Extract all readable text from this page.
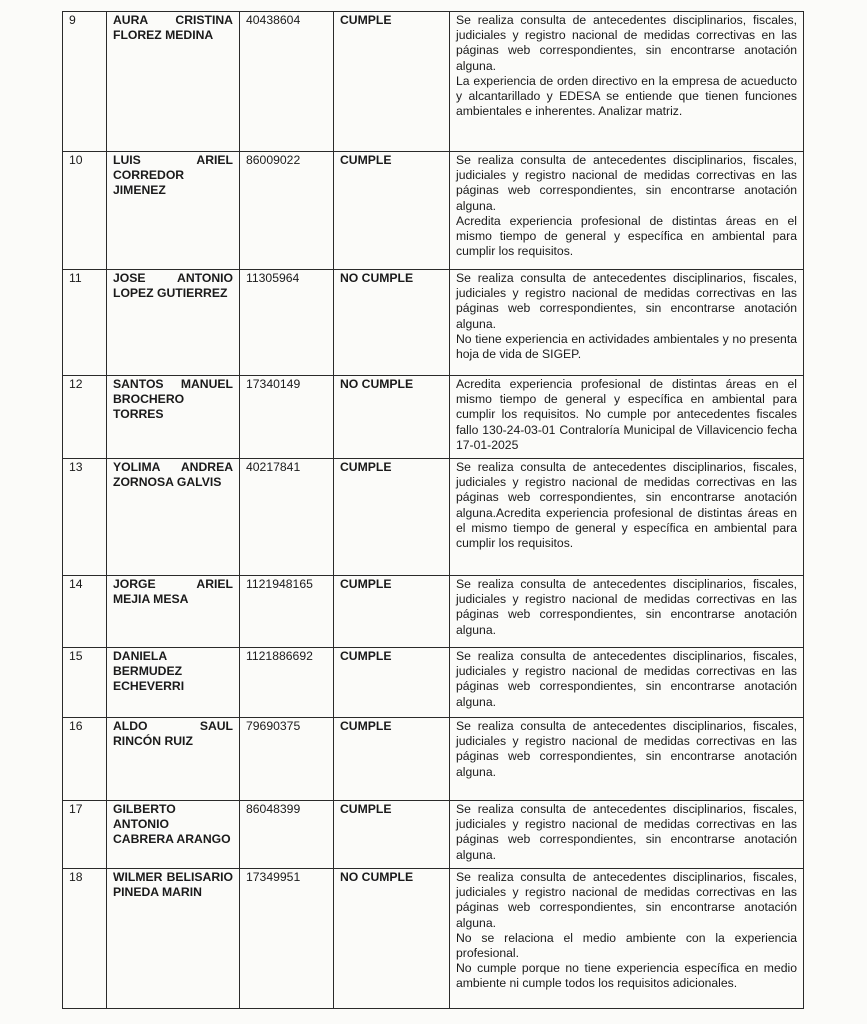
9	AURA CRISTINA FLOREZ MEDINA	40438604	CUMPLE	Se realiza consulta de antecedentes disciplinarios, fiscales, judiciales y registro nacional de medidas correctivas en las páginas web correspondientes, sin encontrarse anotación alguna.
La experiencia de orden directivo en la empresa de acueducto y alcantarillado y EDESA se entiende que tienen funciones ambientales e inherentes. Analizar matriz.

10	LUIS ARIEL CORREDOR JIMENEZ	86009022	CUMPLE	Se realiza consulta de antecedentes disciplinarios, fiscales, judiciales y registro nacional de medidas correctivas en las páginas web correspondientes, sin encontrarse anotación alguna.
Acredita experiencia profesional de distintas áreas en el mismo tiempo de general y específica en ambiental para cumplir los requisitos.

11	JOSE ANTONIO LOPEZ GUTIERREZ	11305964	NO CUMPLE	Se realiza consulta de antecedentes disciplinarios, fiscales, judiciales y registro nacional de medidas correctivas en las páginas web correspondientes, sin encontrarse anotación alguna.
No tiene experiencia en actividades ambientales y no presenta hoja de vida de SIGEP.

12	SANTOS MANUEL BROCHERO TORRES	17340149	NO CUMPLE	Acredita experiencia profesional de distintas áreas en el mismo tiempo de general y específica en ambiental para cumplir los requisitos. No cumple por antecedentes fiscales fallo 130-24-03-01 Contraloría Municipal de Villavicencio fecha 17-01-2025

13	YOLIMA ANDREA ZORNOSA GALVIS	40217841	CUMPLE	Se realiza consulta de antecedentes disciplinarios, fiscales, judiciales y registro nacional de medidas correctivas en las páginas web correspondientes, sin encontrarse anotación alguna.Acredita experiencia profesional de distintas áreas en el mismo tiempo de general y específica en ambiental para cumplir los requisitos.

14	JORGE ARIEL MEJIA MESA	1121948165	CUMPLE	Se realiza consulta de antecedentes disciplinarios, fiscales, judiciales y registro nacional de medidas correctivas en las páginas web correspondientes, sin encontrarse anotación alguna.

15	DANIELA BERMUDEZ ECHEVERRI	1121886692	CUMPLE	Se realiza consulta de antecedentes disciplinarios, fiscales, judiciales y registro nacional de medidas correctivas en las páginas web correspondientes, sin encontrarse anotación alguna.

16	ALDO SAUL RINCÓN RUIZ	79690375	CUMPLE	Se realiza consulta de antecedentes disciplinarios, fiscales, judiciales y registro nacional de medidas correctivas en las páginas web correspondientes, sin encontrarse anotación alguna.

17	GILBERTO ANTONIO CABRERA ARANGO	86048399	CUMPLE	Se realiza consulta de antecedentes disciplinarios, fiscales, judiciales y registro nacional de medidas correctivas en las páginas web correspondientes, sin encontrarse anotación alguna.

18	WILMER BELISARIO PINEDA MARIN	17349951	NO CUMPLE	Se realiza consulta de antecedentes disciplinarios, fiscales, judiciales y registro nacional de medidas correctivas en las páginas web correspondientes, sin encontrarse anotación alguna.
No se relaciona el medio ambiente con la experiencia profesional.
No cumple porque no tiene experiencia específica en medio ambiente ni cumple todos los requisitos adicionales.
